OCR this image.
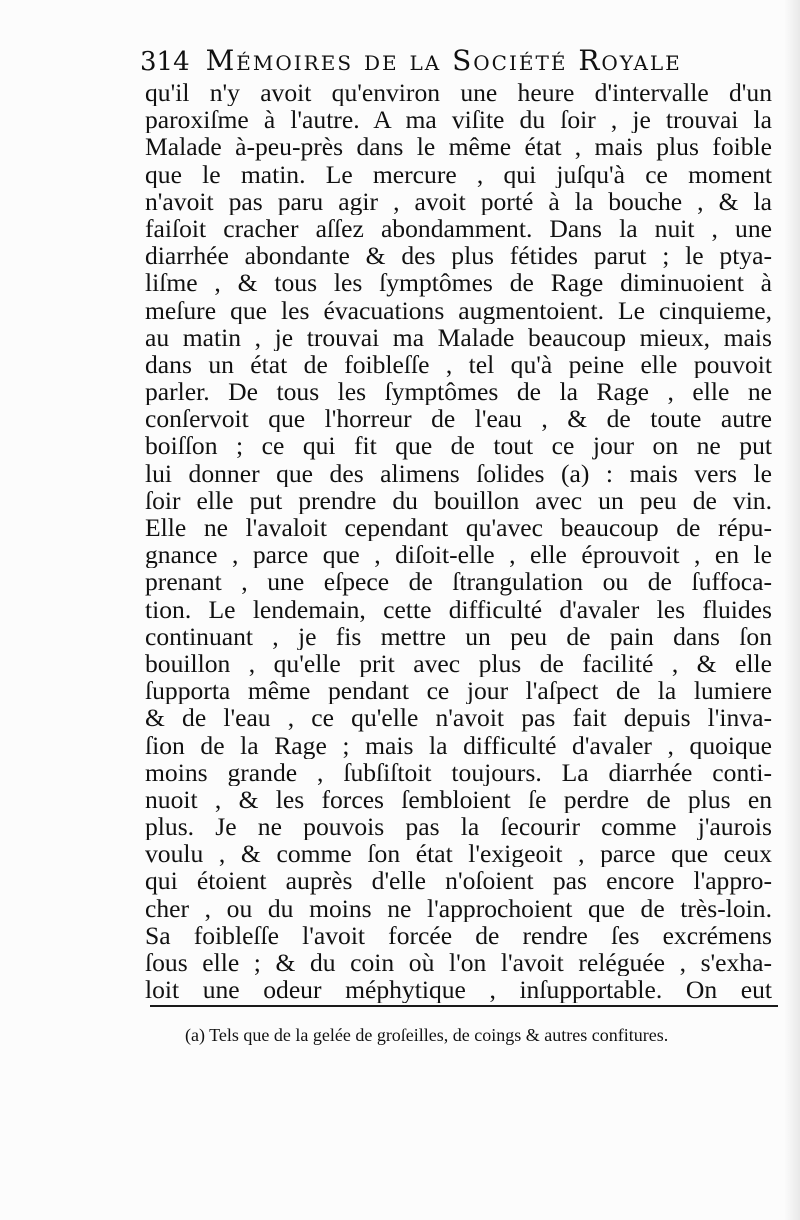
314 Mémoires de la Société Royale
qu'il n'y avoit qu'environ une heure d'intervalle d'un
paroxiſme à l'autre. A ma viſite du ſoir , je trouvai la
Malade à-peu-près dans le même état , mais plus foible
que le matin. Le mercure , qui juſqu'à ce moment
n'avoit pas paru agir , avoit porté à la bouche , & la
faiſoit cracher aſſez abondamment. Dans la nuit , une
diarrhée abondante & des plus fétides parut ; le ptya-
liſme , & tous les ſymptômes de Rage diminuoient à
meſure que les évacuations augmentoient. Le cinquieme,
au matin , je trouvai ma Malade beaucoup mieux, mais
dans un état de foibleſſe , tel qu'à peine elle pouvoit
parler. De tous les ſymptômes de la Rage , elle ne
conſervoit que l'horreur de l'eau , & de toute autre
boiſſon ; ce qui fit que de tout ce jour on ne put
lui donner que des alimens ſolides (a) : mais vers le
ſoir elle put prendre du bouillon avec un peu de vin.
Elle ne l'avaloit cependant qu'avec beaucoup de répu-
gnance , parce que , diſoit-elle , elle éprouvoit , en le
prenant , une eſpece de ſtrangulation ou de ſuffoca-
tion. Le lendemain, cette difficulté d'avaler les fluides
continuant , je fis mettre un peu de pain dans ſon
bouillon , qu'elle prit avec plus de facilité , & elle
ſupporta même pendant ce jour l'aſpect de la lumiere
& de l'eau , ce qu'elle n'avoit pas fait depuis l'inva-
ſion de la Rage ; mais la difficulté d'avaler , quoique
moins grande , ſubſiſtoit toujours. La diarrhée conti-
nuoit , & les forces ſembloient ſe perdre de plus en
plus. Je ne pouvois pas la ſecourir comme j'aurois
voulu , & comme ſon état l'exigeoit , parce que ceux
qui étoient auprès d'elle n'oſoient pas encore l'appro-
cher , ou du moins ne l'approchoient que de très-loin.
Sa foibleſſe l'avoit forcée de rendre ſes excrémens
ſous elle ; & du coin où l'on l'avoit reléguée , s'exha-
loit une odeur méphytique , inſupportable. On eut
(a) Tels que de la gelée de groſeilles, de coings & autres confitures.
